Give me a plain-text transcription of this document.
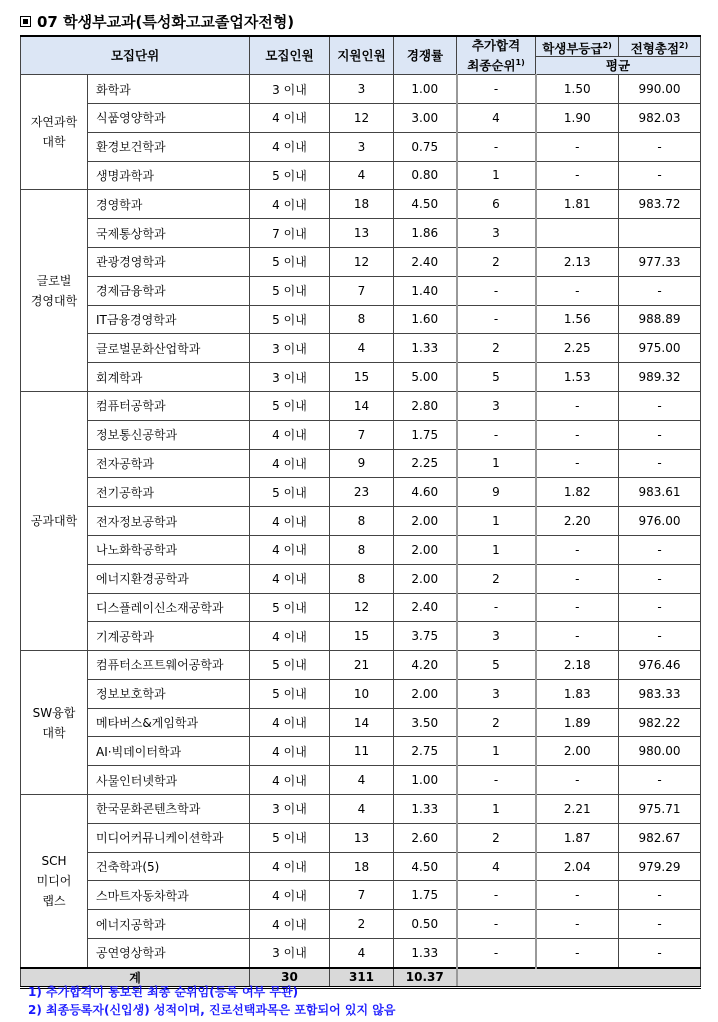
07 학생부교과(특성화고교졸업자전형)
모집단위		모집인원	지원인원	경쟁률	추가합격
최종순위$^{1)}$	학생부등급$^{2)}$	전형총점$^{2)}$
						평균	
자연과학
대학	화학과	3 이내	3	1.00	-	1.50	990.00
	식품영양학과	4 이내	12	3.00	4	1.90	982.03
	환경보건학과	4 이내	3	0.75	-	-	-
	생명과학과	5 이내	4	0.80	1	-	-
글로벌
경영대학	경영학과	4 이내	18	4.50	6	1.81	983.72
	국제통상학과	7 이내	13	1.86	3		
	관광경영학과	5 이내	12	2.40	2	2.13	977.33
	경제금융학과	5 이내	7	1.40	-	-	-
	IT금융경영학과	5 이내	8	1.60	-	1.56	988.89
	글로벌문화산업학과	3 이내	4	1.33	2	2.25	975.00
	회계학과	3 이내	15	5.00	5	1.53	989.32
공과대학	컴퓨터공학과	5 이내	14	2.80	3	-	-
	정보통신공학과	4 이내	7	1.75	-	-	-
	전자공학과	4 이내	9	2.25	1	-	-
	전기공학과	5 이내	23	4.60	9	1.82	983.61
	전자정보공학과	4 이내	8	2.00	1	2.20	976.00
	나노화학공학과	4 이내	8	2.00	1	-	-
	에너지환경공학과	4 이내	8	2.00	2	-	-
	디스플레이신소재공학과	5 이내	12	2.40	-	-	-
	기계공학과	4 이내	15	3.75	3	-	-
SW융합
대학	컴퓨터소프트웨어공학과	5 이내	21	4.20	5	2.18	976.46
	정보보호학과	5 이내	10	2.00	3	1.83	983.33
	메타버스&게임학과	4 이내	14	3.50	2	1.89	982.22
	AI·빅데이터학과	4 이내	11	2.75	1	2.00	980.00
	사물인터넷학과	4 이내	4	1.00	-	-	-
SCH
미디어
랩스	한국문화콘텐츠학과	3 이내	4	1.33	1	2.21	975.71
	미디어커뮤니케이션학과	5 이내	13	2.60	2	1.87	982.67
	건축학과(5)	4 이내	18	4.50	4	2.04	979.29
	스마트자동차학과	4 이내	7	1.75	-	-	-
	에너지공학과	4 이내	2	0.50	-	-	-
	공연영상학과	3 이내	4	1.33	-	-	-
계		30	311	10.37			
1) 추가합격이 통보된 최종 순위임(등록 여부 무관)
2) 최종등록자(신입생) 성적이며, 진로선택과목은 포함되어 있지 않음
